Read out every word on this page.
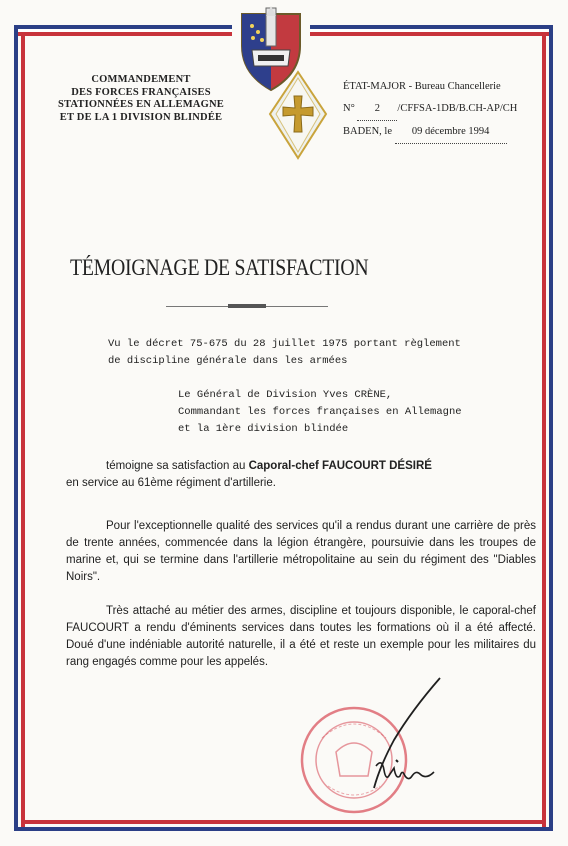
COMMANDEMENT
DES FORCES FRANÇAISES
STATIONNÉES EN ALLEMAGNE
ET DE LA 1 DIVISION BLINDÉE
ÉTAT-MAJOR - Bureau Chancellerie
N° 2 /CFFSA-1DB/B.CH-AP/CH
BADEN, le 09 décembre 1994
TÉMOIGNAGE DE SATISFACTION
Vu le décret 75-675 du 28 juillet 1975 portant règlement
de discipline générale dans les armées
Le Général de Division Yves CRÈNE,
Commandant les forces françaises en Allemagne
et la 1ère division blindée
témoigne sa satisfaction au Caporal-chef FAUCOURT DÉSIRÉ
en service au 61ème régiment d'artillerie.
Pour l'exceptionnelle qualité des services qu'il a rendus durant une carrière de près de trente années, commencée dans la légion étrangère, poursuivie dans les troupes de marine et, qui se termine dans l'artillerie métropolitaine au sein du régiment des "Diables Noirs".
Très attaché au métier des armes, discipline et toujours disponible, le caporal-chef FAUCOURT a rendu d'éminents services dans toutes les formations où il a été affecté. Doué d'une indéniable autorité naturelle, il a été et reste un exemple pour les militaires du rang engagés comme pour les appelés.
